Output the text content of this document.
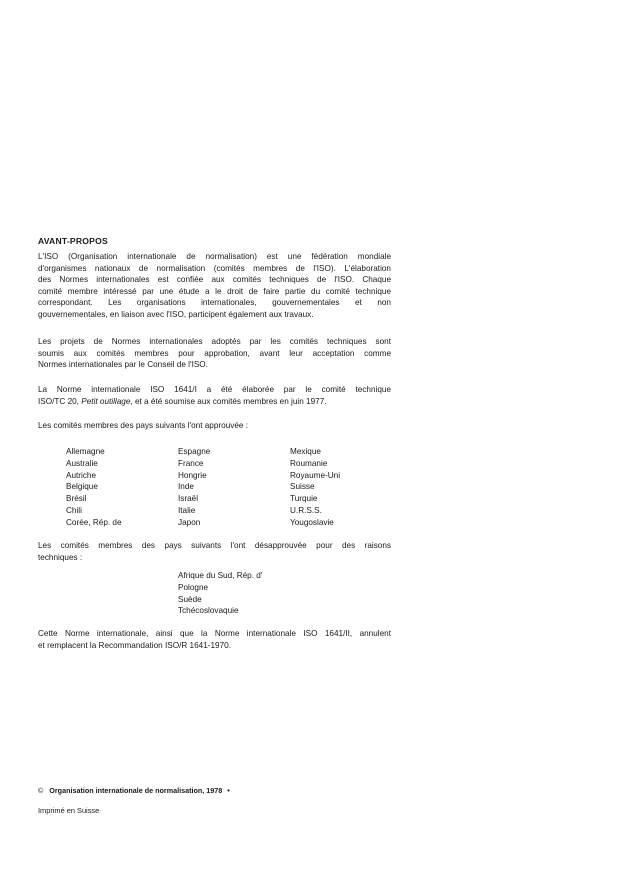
AVANT-PROPOS
L'ISO (Organisation internationale de normalisation) est une fédération mondiale
d'organismes nationaux de normalisation (comités membres de l'ISO). L'élaboration
des Normes internationales est confiée aux comités techniques de l'ISO. Chaque
comité membre intéressé par une étude a le droit de faire partie du comité technique
correspondant. Les organisations internationales, gouvernementales et non
gouvernementales, en liaison avec l'ISO, participent également aux travaux.
Les projets de Normes internationales adoptés par les comités techniques sont
soumis aux comités membres pour approbation, avant leur acceptation comme
Normes internationales par le Conseil de l'ISO.
La Norme internationale ISO 1641/I a été élaborée par le comité technique
ISO/TC 20, Petit outillage, et a été soumise aux comités membres en juin 1977.
Les comités membres des pays suivants l'ont approuvée :
Allemagne
Australie
Autriche
Belgique
Brésil
Chili
Corée, Rép. de
Espagne
France
Hongrie
Inde
Israël
Italie
Japon
Mexique
Roumanie
Royaume-Uni
Suisse
Turquie
U.R.S.S.
Yougoslavie
Les comités membres des pays suivants l'ont désapprouvée pour des raisons
techniques :
Afrique du Sud, Rép. d'
Pologne
Suède
Tchécoslovaquie
Cette Norme internationale, ainsi que la Norme internationale ISO 1641/II, annulent
et remplacent la Recommandation ISO/R 1641-1970.
© Organisation internationale de normalisation, 1978 •
Imprimé en Suisse
